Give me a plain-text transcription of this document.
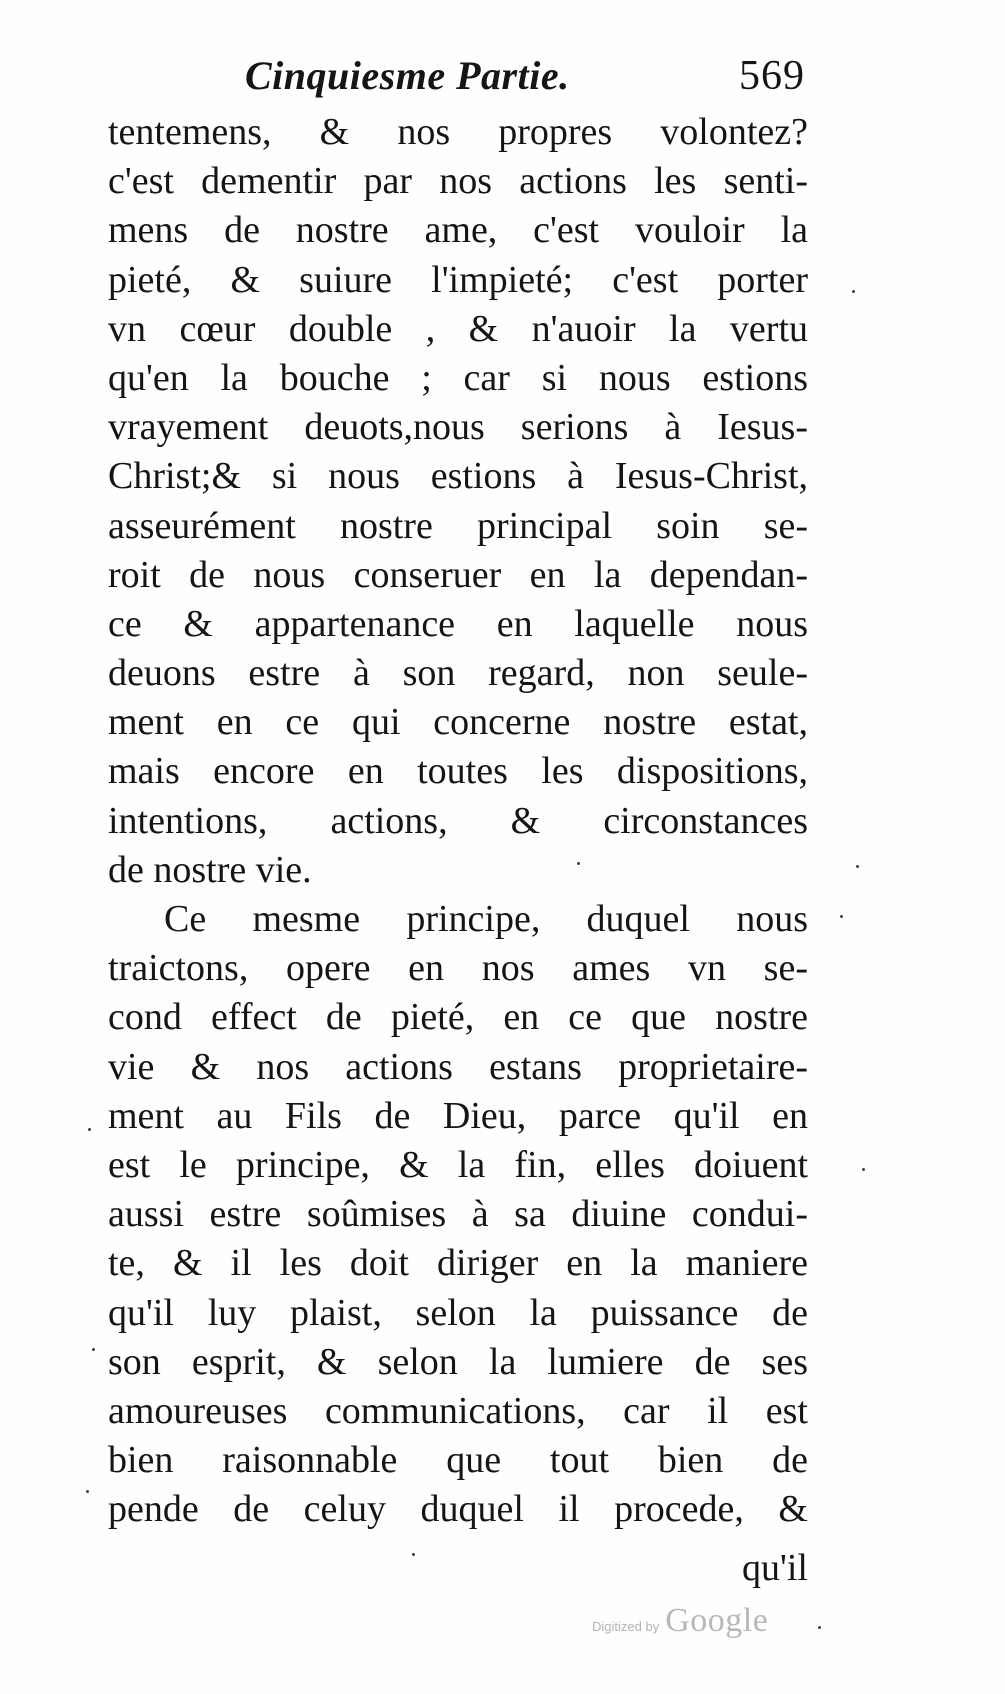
Cinquiesme Partie.	569
tentemens, & nos propres volontez?
c'est dementir par nos actions les senti-
mens de nostre ame, c'est vouloir la
pieté, & suiure l'impieté; c'est porter
vn cœur double , & n'auoir la vertu
qu'en la bouche ; car si nous estions
vrayement deuots,nous serions à Iesus-
Christ;& si nous estions à Iesus-Christ,
asseurément nostre principal soin se-
roit de nous conseruer en la dependan-
ce & appartenance en laquelle nous
deuons estre à son regard, non seule-
ment en ce qui concerne nostre estat,
mais encore en toutes les dispositions,
intentions, actions, & circonstances
de nostre vie.
Ce mesme principe, duquel nous
traictons, opere en nos ames vn se-
cond effect de pieté, en ce que nostre
vie & nos actions estans proprietaire-
ment au Fils de Dieu, parce qu'il en
est le principe, & la fin, elles doiuent
aussi estre soûmises à sa diuine condui-
te, & il les doit diriger en la maniere
qu'il luy plaist, selon la puissance de
son esprit, & selon la lumiere de ses
amoureuses communications, car il est
bien raisonnable que tout bien de
pende de celuy duquel il procede, &
qu'il
Digitized by Google
